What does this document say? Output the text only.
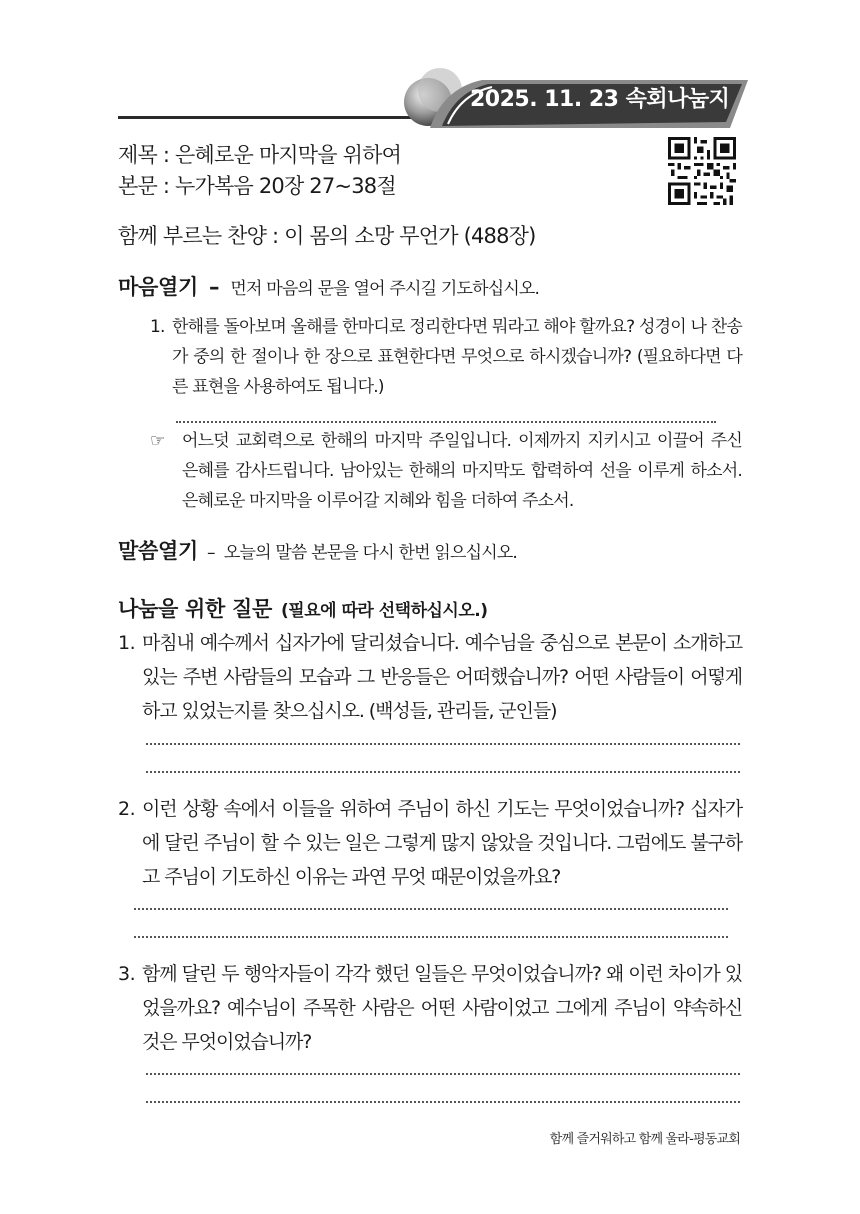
2025. 11. 23 속회나눔지
제목 : 은혜로운 마지막을 위하여
본문 : 누가복음 20장 27~38절
함께 부르는 찬양 : 이 몸의 소망 무언가 (488장)
마음열기 – 먼저 마음의 문을 열어 주시길 기도하십시오.
1. 한해를 돌아보며 올해를 한마디로 정리한다면 뭐라고 해야 할까요? 성경이 나 찬송가 중의 한 절이나 한 장으로 표현한다면 무엇으로 하시겠습니까? (필요하다면 다른 표현을 사용하여도 됩니다.)
☞ 어느덧 교회력으로 한해의 마지막 주일입니다. 이제까지 지키시고 이끌어 주신 은혜를 감사드립니다. 남아있는 한해의 마지막도 합력하여 선을 이루게 하소서. 은혜로운 마지막을 이루어갈 지혜와 힘을 더하여 주소서.
말씀열기 – 오늘의 말씀 본문을 다시 한번 읽으십시오.
나눔을 위한 질문 (필요에 따라 선택하십시오.)
1. 마침내 예수께서 십자가에 달리셨습니다. 예수님을 중심으로 본문이 소개하고 있는 주변 사람들의 모습과 그 반응들은 어떠했습니까? 어떤 사람들이 어떻게 하고 있었는지를 찾으십시오. (백성들, 관리들, 군인들)
2. 이런 상황 속에서 이들을 위하여 주님이 하신 기도는 무엇이었습니까? 십자가에 달린 주님이 할 수 있는 일은 그렇게 많지 않았을 것입니다. 그럼에도 불구하고 주님이 기도하신 이유는 과연 무엇 때문이었을까요?
3. 함께 달린 두 행악자들이 각각 했던 일들은 무엇이었습니까? 왜 이런 차이가 있었을까요? 예수님이 주목한 사람은 어떤 사람이었고 그에게 주님이 약속하신 것은 무엇이었습니까?
함께 즐거워하고 함께 울라-평동교회
